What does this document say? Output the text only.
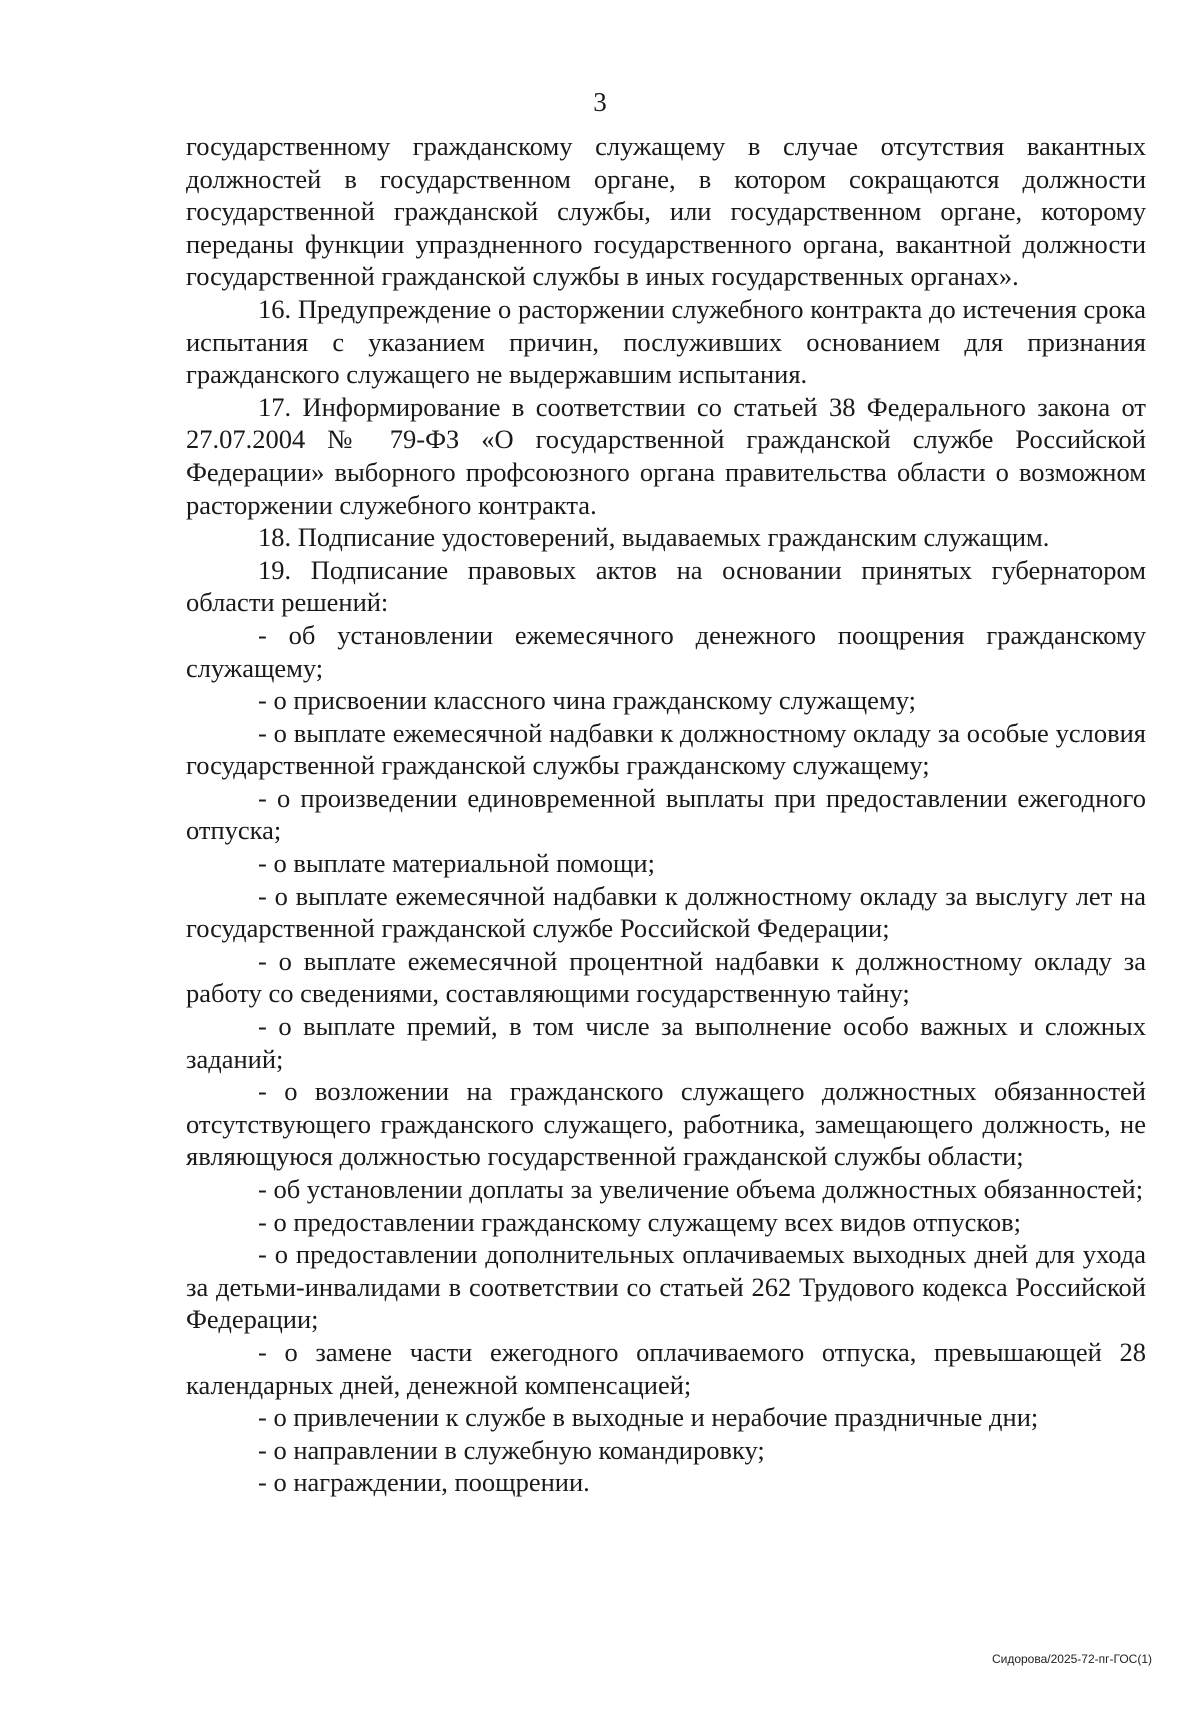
3

государственному гражданскому служащему в случае отсутствия вакантных должностей в государственном органе, в котором сокращаются должности государственной гражданской службы, или государственном органе, которому переданы функции упраздненного государственного органа, вакантной должности государственной гражданской службы в иных государственных органах».

16. Предупреждение о расторжении служебного контракта до истечения срока испытания с указанием причин, послуживших основанием для признания гражданского служащего не выдержавшим испытания.

17. Информирование в соответствии со статьей 38 Федерального закона от 27.07.2004 № 79-ФЗ «О государственной гражданской службе Российской Федерации» выборного профсоюзного органа правительства области о возможном расторжении служебного контракта.

18. Подписание удостоверений, выдаваемых гражданским служащим.

19. Подписание правовых актов на основании принятых губернатором области решений:

- об установлении ежемесячного денежного поощрения гражданскому служащему;

- о присвоении классного чина гражданскому служащему;

- о выплате ежемесячной надбавки к должностному окладу за особые условия государственной гражданской службы гражданскому служащему;

- о произведении единовременной выплаты при предоставлении ежегодного отпуска;

- о выплате материальной помощи;

- о выплате ежемесячной надбавки к должностному окладу за выслугу лет на государственной гражданской службе Российской Федерации;

- о выплате ежемесячной процентной надбавки к должностному окладу за работу со сведениями, составляющими государственную тайну;

- о выплате премий, в том числе за выполнение особо важных и сложных заданий;

- о возложении на гражданского служащего должностных обязанностей отсутствующего гражданского служащего, работника, замещающего должность, не являющуюся должностью государственной гражданской службы области;

- об установлении доплаты за увеличение объема должностных обязанностей;

- о предоставлении гражданскому служащему всех видов отпусков;

- о предоставлении дополнительных оплачиваемых выходных дней для ухода за детьми-инвалидами в соответствии со статьей 262 Трудового кодекса Российской Федерации;

- о замене части ежегодного оплачиваемого отпуска, превышающей 28 календарных дней, денежной компенсацией;

- о привлечении к службе в выходные и нерабочие праздничные дни;

- о направлении в служебную командировку;

- о награждении, поощрении.

Сидорова/2025-72-пг-ГОС(1)
